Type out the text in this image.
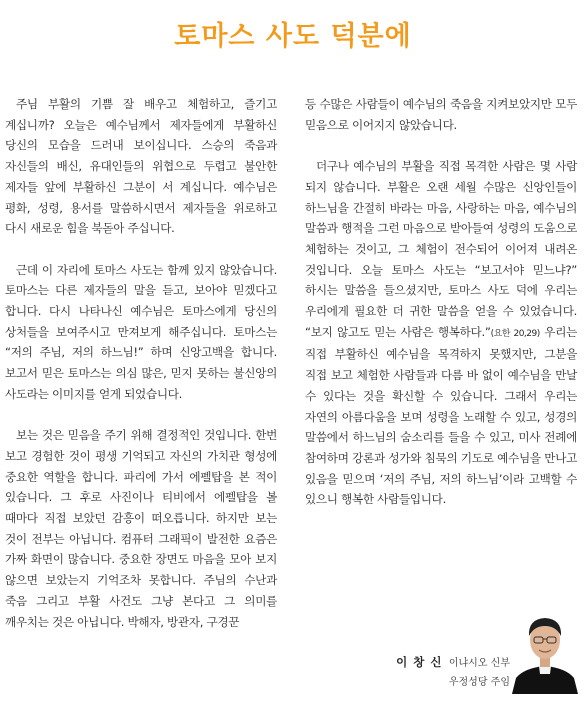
토마스 사도 덕분에

주님 부활의 기쁨 잘 배우고 체험하고, 즐기고 계십니까? 오늘은 예수님께서 제자들에게 부활하신 당신의 모습을 드러내 보이십니다. 스승의 죽음과 자신들의 배신, 유대인들의 위협으로 두렵고 불안한 제자들 앞에 부활하신 그분이 서 계십니다. 예수님은 평화, 성령, 용서를 말씀하시면서 제자들을 위로하고 다시 새로운 힘을 북돋아 주십니다.

근데 이 자리에 토마스 사도는 함께 있지 않았습니다. 토마스는 다른 제자들의 말을 듣고, 보아야 믿겠다고 합니다. 다시 나타나신 예수님은 토마스에게 당신의 상처들을 보여주시고 만져보게 해주십니다. 토마스는 “저의 주님, 저의 하느님!” 하며 신앙고백을 합니다. 보고서 믿은 토마스는 의심 많은, 믿지 못하는 불신앙의 사도라는 이미지를 얻게 되었습니다.

보는 것은 믿음을 주기 위해 결정적인 것입니다. 한번 보고 경험한 것이 평생 기억되고 자신의 가치관 형성에 중요한 역할을 합니다. 파리에 가서 에펠탑을 본 적이 있습니다. 그 후로 사진이나 티비에서 에펠탑을 볼 때마다 직접 보았던 감흥이 떠오릅니다. 하지만 보는 것이 전부는 아닙니다. 컴퓨터 그래픽이 발전한 요즘은 가짜 화면이 많습니다. 중요한 장면도 마음을 모아 보지 않으면 보았는지 기억조차 못합니다. 주님의 수난과 죽음 그리고 부활 사건도 그냥 본다고 그 의미를 깨우치는 것은 아닙니다. 박해자, 방관자, 구경꾼

등 수많은 사람들이 예수님의 죽음을 지켜보았지만 모두 믿음으로 이어지지 않았습니다.

더구나 예수님의 부활을 직접 목격한 사람은 몇 사람 되지 않습니다. 부활은 오랜 세월 수많은 신앙인들이 하느님을 간절히 바라는 마음, 사랑하는 마음, 예수님의 말씀과 행적을 그런 마음으로 받아들여 성령의 도움으로 체험하는 것이고, 그 체험이 전수되어 이어져 내려온 것입니다. 오늘 토마스 사도는 “보고서야 믿느냐?” 하시는 말씀을 들으셨지만, 토마스 사도 덕에 우리는 우리에게 필요한 더 귀한 말씀을 얻을 수 있었습니다. “보지 않고도 믿는 사람은 행복하다.”(요한 20,29) 우리는 직접 부활하신 예수님을 목격하지 못했지만, 그분을 직접 보고 체험한 사람들과 다름 바 없이 예수님을 만날 수 있다는 것을 확신할 수 있습니다. 그래서 우리는 자연의 아름다움을 보며 성령을 노래할 수 있고, 성경의 말씀에서 하느님의 숨소리를 들을 수 있고, 미사 전례에 참여하며 강론과 성가와 침묵의 기도로 예수님을 만나고 있음을 믿으며 ‘저의 주님, 저의 하느님’이라 고백할 수 있으니 행복한 사람들입니다.

이 창 신 이냐시오 신부
우정성당 주임
